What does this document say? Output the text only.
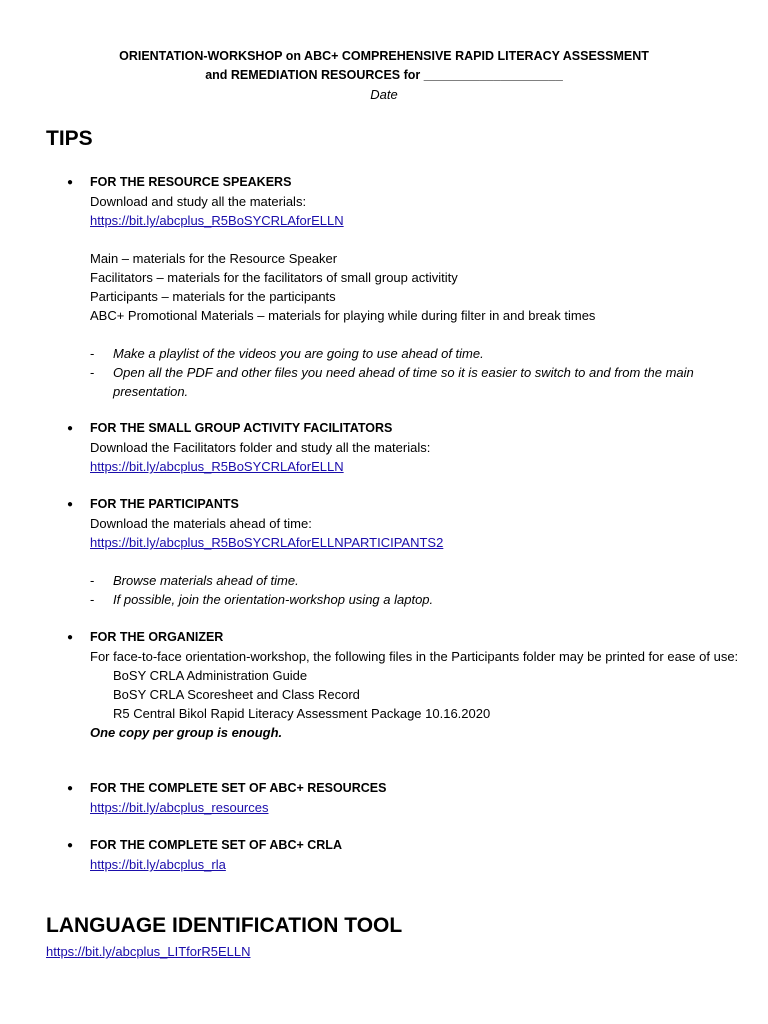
ORIENTATION-WORKSHOP on ABC+ COMPREHENSIVE RAPID LITERACY ASSESSMENT
and REMEDIATION RESOURCES for ____________________
Date
TIPS
● FOR THE RESOURCE SPEAKERS
Download and study all the materials:
https://bit.ly/abcplus_R5BoSYCRLAforELLN
Main – materials for the Resource Speaker
Facilitators – materials for the facilitators of small group activitity
Participants – materials for the participants
ABC+ Promotional Materials – materials for playing while during filter in and break times
- Make a playlist of the videos you are going to use ahead of time.
- Open all the PDF and other files you need ahead of time so it is easier to switch to and from the main presentation.
● FOR THE SMALL GROUP ACTIVITY FACILITATORS
Download the Facilitators folder and study all the materials:
https://bit.ly/abcplus_R5BoSYCRLAforELLN
● FOR THE PARTICIPANTS
Download the materials ahead of time:
https://bit.ly/abcplus_R5BoSYCRLAforELLNPARTICIPANTS2
- Browse materials ahead of time.
- If possible, join the orientation-workshop using a laptop.
● FOR THE ORGANIZER
For face-to-face orientation-workshop, the following files in the Participants folder may be printed for ease of use:
BoSY CRLA Administration Guide
BoSY CRLA Scoresheet and Class Record
R5 Central Bikol Rapid Literacy Assessment Package 10.16.2020
One copy per group is enough.
● FOR THE COMPLETE SET OF ABC+ RESOURCES
https://bit.ly/abcplus_resources
● FOR THE COMPLETE SET OF ABC+ CRLA
https://bit.ly/abcplus_rla
LANGUAGE IDENTIFICATION TOOL
https://bit.ly/abcplus_LITforR5ELLN
